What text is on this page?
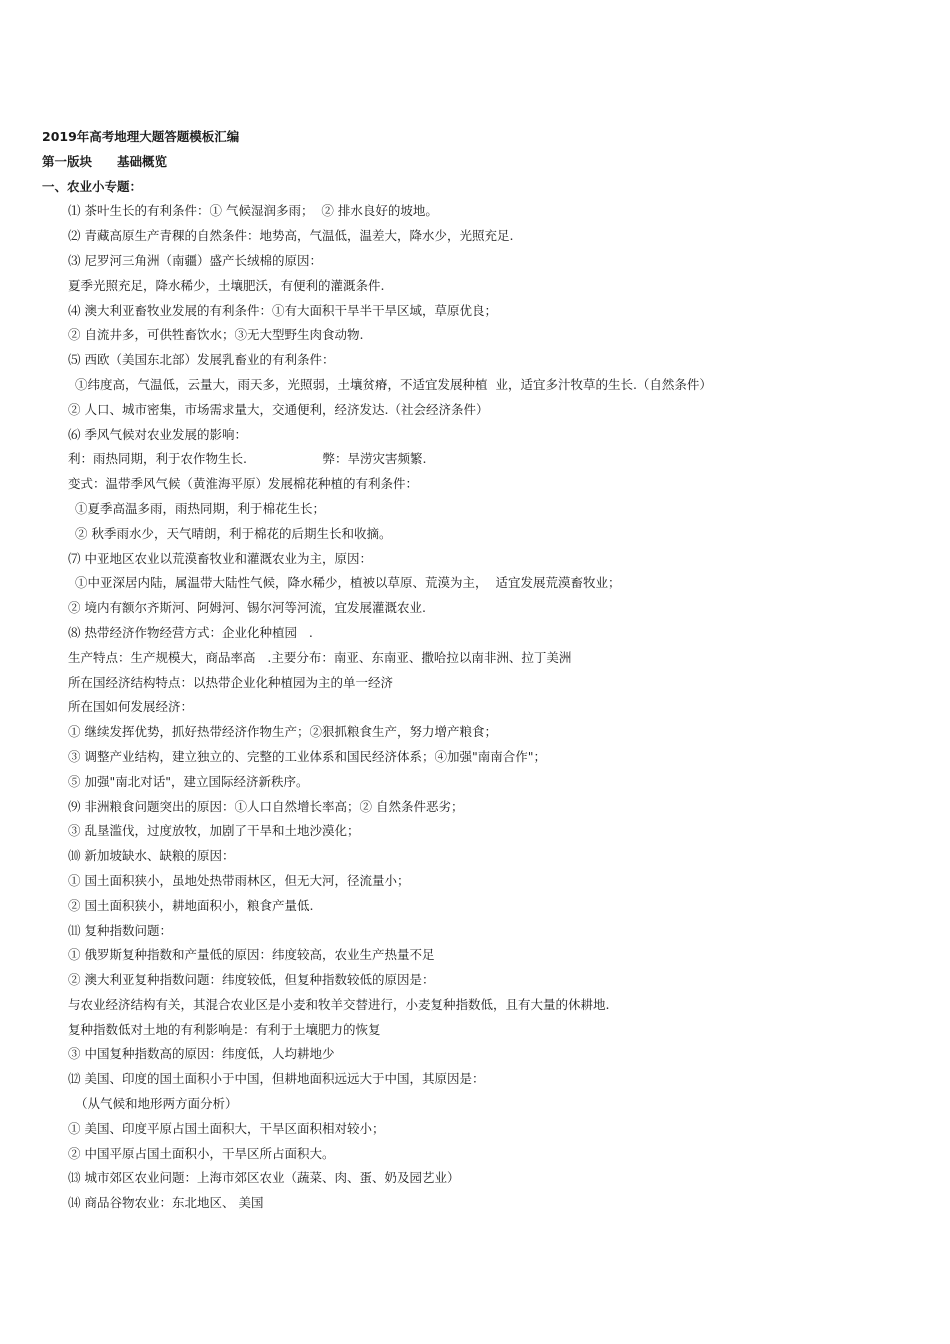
2019年高考地理大题答题模板汇编
第一版块　　基础概览
一、农业小专题：
⑴ 茶叶生长的有利条件：① 气候湿润多雨；  ② 排水良好的坡地。
⑵ 青藏高原生产青稞的自然条件：地势高，气温低，温差大，降水少，光照充足.
⑶ 尼罗河三角洲（南疆）盛产长绒棉的原因：
夏季光照充足，降水稀少，土壤肥沃，有便利的灌溉条件.
⑷ 澳大利亚畜牧业发展的有利条件：①有大面积干旱半干旱区域，草原优良；
② 自流井多，可供牲畜饮水；③无大型野生肉食动物.
⑸ 西欧（美国东北部）发展乳畜业的有利条件：
①纬度高，气温低，云量大，雨天多，光照弱，土壤贫瘠，不适宜发展种植  业，适宜多汁牧草的生长.（自然条件）
② 人口、城市密集，市场需求量大，交通便利，经济发达.（社会经济条件）
⑹ 季风气候对农业发展的影响：
利：雨热同期，利于农作物生长.                   弊：旱涝灾害频繁.
变式：温带季风气候（黄淮海平原）发展棉花种植的有利条件：
①夏季高温多雨，雨热同期，利于棉花生长；
② 秋季雨水少，天气晴朗，利于棉花的后期生长和收摘。
⑺ 中亚地区农业以荒漠畜牧业和灌溉农业为主，原因：
①中亚深居内陆，属温带大陆性气候，降水稀少，植被以草原、荒漠为主，  适宜发展荒漠畜牧业；
② 境内有额尔齐斯河、阿姆河、锡尔河等河流，宜发展灌溉农业.
⑻ 热带经济作物经营方式：企业化种植园   .
生产特点：生产规模大，商品率高   .主要分布：南亚、东南亚、撒哈拉以南非洲、拉丁美洲
所在国经济结构特点：以热带企业化种植园为主的单一经济
所在国如何发展经济：
① 继续发挥优势，抓好热带经济作物生产；②狠抓粮食生产，努力增产粮食；
③ 调整产业结构，建立独立的、完整的工业体系和国民经济体系；④加强"南南合作"；
⑤ 加强"南北对话"，建立国际经济新秩序。
⑼ 非洲粮食问题突出的原因：①人口自然增长率高；② 自然条件恶劣；
③ 乱垦滥伐，过度放牧，加剧了干旱和土地沙漠化；
⑽ 新加坡缺水、缺粮的原因：
① 国土面积狭小，虽地处热带雨林区，但无大河，径流量小；
② 国土面积狭小，耕地面积小，粮食产量低.
⑾ 复种指数问题：
① 俄罗斯复种指数和产量低的原因：纬度较高，农业生产热量不足
② 澳大利亚复种指数问题：纬度较低，但复种指数较低的原因是：
与农业经济结构有关，其混合农业区是小麦和牧羊交替进行，小麦复种指数低，且有大量的休耕地.
复种指数低对土地的有利影响是：有利于土壤肥力的恢复
③ 中国复种指数高的原因：纬度低，人均耕地少
⑿ 美国、印度的国土面积小于中国，但耕地面积远远大于中国，其原因是：
（从气候和地形两方面分析）
① 美国、印度平原占国土面积大，干旱区面积相对较小；
② 中国平原占国土面积小，干旱区所占面积大。
⒀ 城市郊区农业问题：上海市郊区农业（蔬菜、肉、蛋、奶及园艺业）
⒁ 商品谷物农业：东北地区、 美国
